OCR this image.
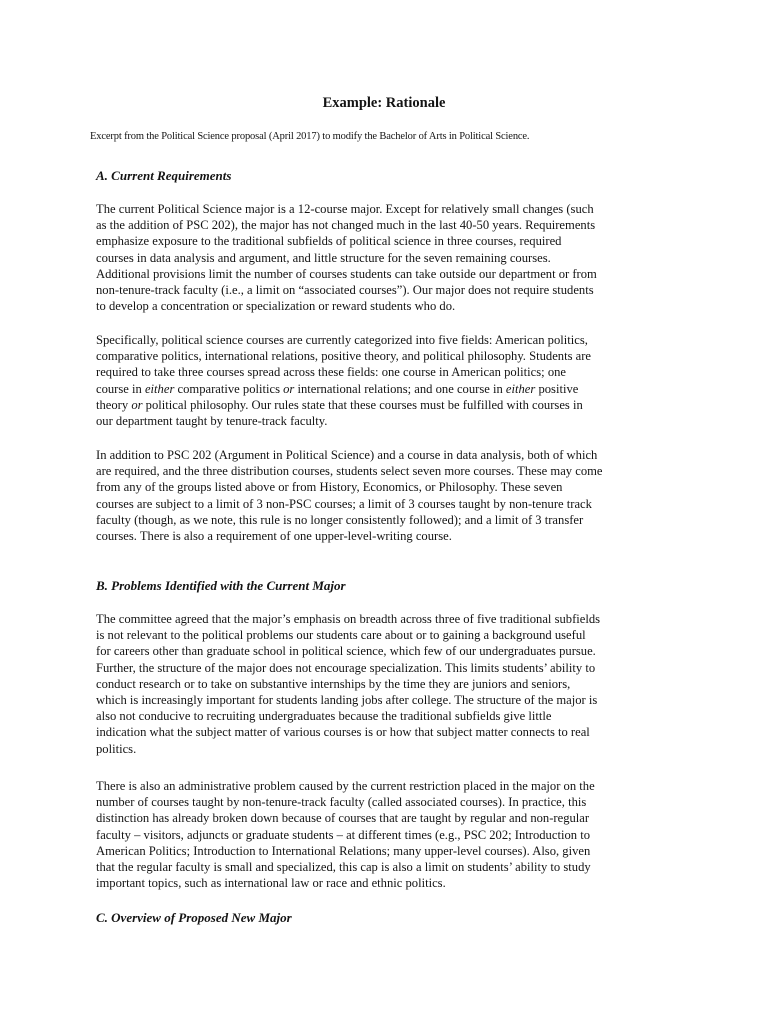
Example: Rationale
Excerpt from the Political Science proposal (April 2017) to modify the Bachelor of Arts in Political Science.
A. Current Requirements
The current Political Science major is a 12-course major. Except for relatively small changes (such
as the addition of PSC 202), the major has not changed much in the last 40-50 years. Requirements
emphasize exposure to the traditional subfields of political science in three courses, required
courses in data analysis and argument, and little structure for the seven remaining courses.
Additional provisions limit the number of courses students can take outside our department or from
non-tenure-track faculty (i.e., a limit on “associated courses”). Our major does not require students
to develop a concentration or specialization or reward students who do.
Specifically, political science courses are currently categorized into five fields: American politics,
comparative politics, international relations, positive theory, and political philosophy. Students are
required to take three courses spread across these fields: one course in American politics; one
course in either comparative politics or international relations; and one course in either positive
theory or political philosophy. Our rules state that these courses must be fulfilled with courses in
our department taught by tenure-track faculty.
In addition to PSC 202 (Argument in Political Science) and a course in data analysis, both of which
are required, and the three distribution courses, students select seven more courses. These may come
from any of the groups listed above or from History, Economics, or Philosophy. These seven
courses are subject to a limit of 3 non-PSC courses; a limit of 3 courses taught by non-tenure track
faculty (though, as we note, this rule is no longer consistently followed); and a limit of 3 transfer
courses. There is also a requirement of one upper-level-writing course.
B. Problems Identified with the Current Major
The committee agreed that the major’s emphasis on breadth across three of five traditional subfields
is not relevant to the political problems our students care about or to gaining a background useful
for careers other than graduate school in political science, which few of our undergraduates pursue.
Further, the structure of the major does not encourage specialization. This limits students’ ability to
conduct research or to take on substantive internships by the time they are juniors and seniors,
which is increasingly important for students landing jobs after college. The structure of the major is
also not conducive to recruiting undergraduates because the traditional subfields give little
indication what the subject matter of various courses is or how that subject matter connects to real
politics.
There is also an administrative problem caused by the current restriction placed in the major on the
number of courses taught by non-tenure-track faculty (called associated courses). In practice, this
distinction has already broken down because of courses that are taught by regular and non-regular
faculty – visitors, adjuncts or graduate students – at different times (e.g., PSC 202; Introduction to
American Politics; Introduction to International Relations; many upper-level courses). Also, given
that the regular faculty is small and specialized, this cap is also a limit on students’ ability to study
important topics, such as international law or race and ethnic politics.
C. Overview of Proposed New Major
